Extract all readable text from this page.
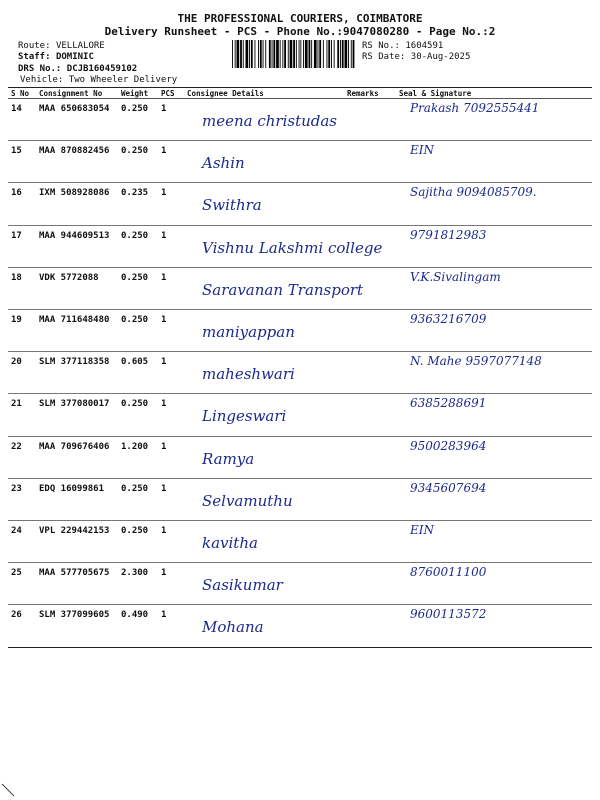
THE PROFESSIONAL COURIERS, COIMBATORE
Delivery Runsheet - PCS - Phone No.:9047080280 - Page No.:2
Route: VELLALORE
Staff: DOMINIC
DRS No.: DCJB160459102
Vehicle: Two Wheeler Delivery
RS No.: 1604591
RS Date: 30-Aug-2025
S No	Consignment No	Weight	PCS	Consignee Details	Remarks	Seal & Signature
14	MAA 650683054	0.250	1
meena christudas
Prakash 7092555441
15	MAA 870882456	0.250	1
Ashin
EIN
16	IXM 508928086	0.235	1
Swithra
Sajitha 9094085709.
17	MAA 944609513	0.250	1
Vishnu Lakshmi college
9791812983
18	VDK 5772088	0.250	1
Saravanan Transport
V.K.Sivalingam
19	MAA 711648480	0.250	1
maniyappan
9363216709
20	SLM 377118358	0.605	1
maheshwari
N. Mahe 9597077148
21	SLM 377080017	0.250	1
Lingeswari
6385288691
22	MAA 709676406	1.200	1
Ramya
9500283964
23	EDQ 16099861	0.250	1
Selvamuthu
9345607694
24	VPL 229442153	0.250	1
kavitha
EIN
25	MAA 577705675	2.300	1
Sasikumar
8760011100
26	SLM 377099605	0.490	1
Mohana
9600113572
